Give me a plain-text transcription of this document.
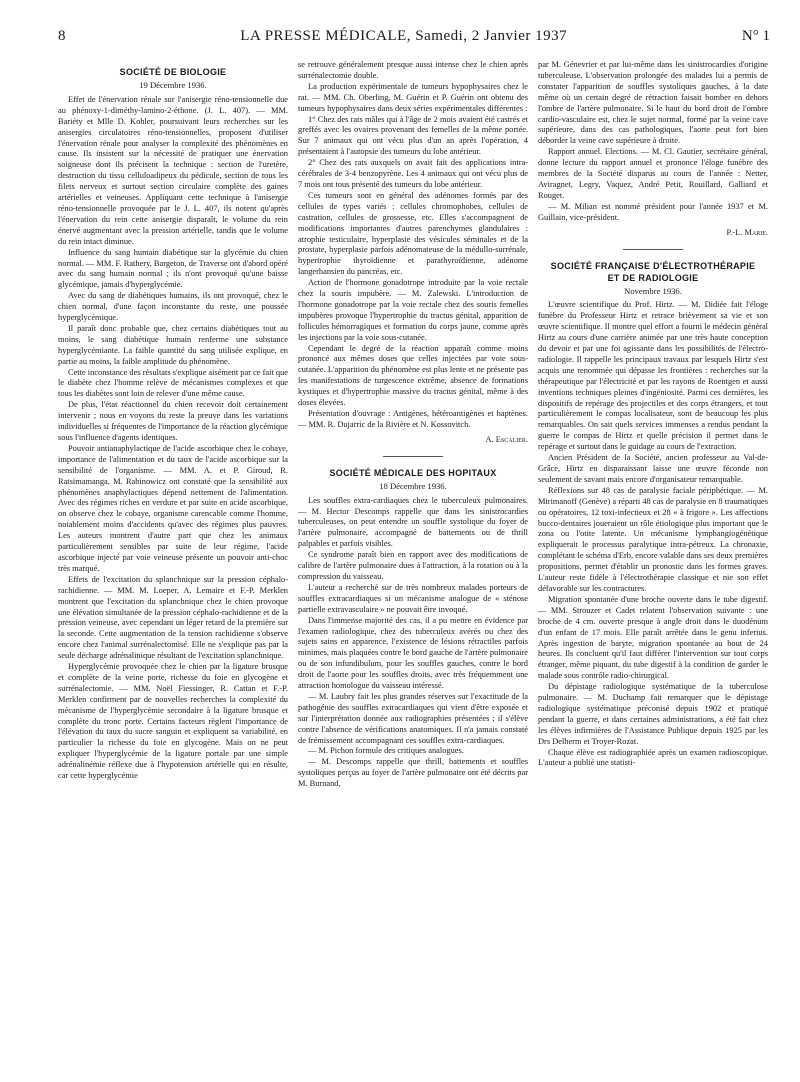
8	LA PRESSE MÉDICALE, Samedi, 2 Janvier 1937	N° 1
SOCIÉTÉ DE BIOLOGIE
19 Décembre 1936.

Effet de l'énervation rénale sur l'anisergie réno-tensionnelle due au phénoxy-1-diméthy-lamino-2-éthone. (J. L. 407). — MM. Bariéty et Mlle D. Kohler, poursuivant leurs recherches sur les anisergies circulatoires réno-tensionnelles, proposent d'utiliser l'énervation rénale pour analyser la complexité des phénomènes en cause. Ils insistent sur la nécessité de pratiquer une énervation soigneuse dont ils précisent la technique : section de l'uretère, destruction du tissu celluloadipeux du pédicule, section de tous les filets nerveux et surtout section circulaire complète des gaines artérielles et veineuses. Appliquant cette technique à l'anisergie réno-tensionnelle provoquée par le J. L. 407, ils notent qu'après l'énervation du rein cette anisergie disparaît, le volume du rein énervé augmentant avec la pression artérielle, tandis que le volume du rein intact diminue.

Influence du sang humain diabétique sur la glycémie du chien normal. — MM. F. Rathery, Bargeton, de Traverse ont d'abord opéré avec du sang humain normal ; ils n'ont provoqué qu'une baisse glycémique, jamais d'hyperglycémie.

Avec du sang de diabétiques humains, ils ont provoqué, chez le chien normal, d'une façon inconstante du reste, une poussée hyperglycémique.

Il paraît donc probable que, chez certains diabétiques tout au moins, le sang diabétique humain renferme une substance hyperglycémiante. La faible quantité du sang utilisée explique, en partie au moins, la faible amplitude du phénomène.

Cette inconstance des résultats s'explique aisément par ce fait que le diabète chez l'homme relève de mécanismes complexes et que tous les diabètes sont loin de relever d'une même cause.

De plus, l'état réactionnel du chien recevoir doit certainement intervenir ; nous en voyons du reste la preuve dans les variations individuelles si fréquentes de l'importance de la réaction glycémique sous l'influence d'agents identiques.

Pouvoir antianaphylactique de l'acide ascorbique chez le cobaye, importance de l'alimentation et du taux de l'acide ascorbique sur la sensibilité de l'organisme. — MM. A. et P. Giroud, R. Ratsimamanga, M. Rabinowicz ont constaté que la sensibilité aux phénomènes anaphylactiques dépend nettement de l'alimentation. Avec des régimes riches en verdure et par suite en acide ascorbique, on observe chez le cobaye, organisme carencable comme l'homme, notablement moins d'accidents qu'avec des régimes plus pauvres. Les auteurs montrent d'autre part que chez les animaux particulièrement sensibles par suite de leur régime, l'acide ascorbique injecté par voie veineuse présente un pouvoir anti-choc très marqué.

Effets de l'excitation du splanchnique sur la pression céphalo-rachidienne. — MM. M. Loeper, A. Lemaire et F.-P. Merklen montrent que l'excitation du splanchnique chez le chien provoque une élévation simultanée de la pression céphalo-rachidienne et de la pression veineuse, avec cependant un léger retard de la première sur la seconde. Cette augmentation de la tension rachidienne s'observe encore chez l'animal surrénalectomisé. Elle ne s'explique pas par la seule décharge adrénalinique résultant de l'excitation splanchnique.

Hyperglycémie provoquée chez le chien par la ligature brusque et complète de la veine porte, richesse du foie en glycogène et surrénalectomie. — MM. Noël Fiessinger, R. Cattan et F.-P. Merklen confirment par de nouvelles recherches la complexité du mécanisme de l'hyperglycémie secondaire à la ligature brusque et complète du tronc porte. Certains facteurs règlent l'importance de l'élévation du taux du sucre sanguin et expliquent sa variabilité, en particulier la richesse du foie en glycogène. Mais on ne peut expliquer l'hyperglycémie de la ligature portale par une simple adrénalinémie réflexe due à l'hypotension artérielle qui en résulte, car cette hyperglycémie

se retrouve généralement presque aussi intense chez le chien après surrénalectomie double.

La production expérimentale de tumeurs hypophysaires chez le rat. — MM. Ch. Oberling, M. Guérin et P. Guérin ont obtenu des tumeurs hypophysaires dans deux séries expérimentales différentes :

1° Chez des rats mâles qui à l'âge de 2 mois avaient été castrés et greffés avec les ovaires provenant des femelles de la même portée. Sur 7 animaux qui ont vécu plus d'un an après l'opération, 4 présentaient à l'autopsie des tumeurs du lobe antérieur.

2° Chez des rats auxquels on avait fait des applications intra-cérébrales de 3-4 benzopyrène. Les 4 animaux qui ont vécu plus de 7 mois ont tous présenté des tumeurs du lobe antérieur.

Ces tumeurs sont en général des adénomes formés par des cellules de types variés : cellules chromophobes, cellules de castration, cellules de grossesse, etc. Elles s'accompagnent de modifications importantes d'autres parenchymes glandulaires : atrophie testiculaire, hyperplasie des vésicules séminales et de la prostate, hyperplasie parfois adénomateuse de la médullo-surrénale, hypertrophie thyroïdienne et parathyroïdienne, adénome langerhansien du pancréas, etc.

Action de l'hormone gonadotrope introduite par la voie rectale chez la souris impubère. — M. Zalewski. L'introduction de l'hormone gonadotrope par la voie rectale chez des souris femelles impubères provoque l'hypertrophie du tractus génital, apparition de follicules hémorragiques et formation du corps jaune, comme après les injections par la voie sous-cutanée.

Cependant le degré de la réaction apparaît comme moins prononcé aux mêmes doses que celles injectées par voie sous-cutanée. L'apparition du phénomène est plus lente et ne présente pas les manifestations de turgescence extrême, absence de formations kystiques et d'hypertrophie massive du tractus génital, même à des doses élevées.

Présentation d'ouvrage : Antigènes, hétéroantigènes et haptènes. — MM. R. Dujarric de la Rivière et N. Kossovitch.

A. Escalier.
SOCIÉTÉ MÉDICALE DES HOPITAUX
18 Décembre 1936.

Les souffles extra-cardiaques chez le tuberculeux pulmonaires. — M. Hector Descomps rappelle que dans les sinistrocardies tuberculeuses, on peut entendre un souffle systolique du foyer de l'artère pulmonaire, accompagné de battements ou de thrill palpables et parfois visibles.

Ce syndrome paraît bien en rapport avec des modifications de calibre de l'artère pulmonaire dues à l'attraction, à la rotation ou à la compression du vaisseau.

L'auteur a recherché sur de très nombreux malades porteurs de souffles extracardiaques si un mécanisme analogue de « sténose partielle extravasculaire » ne pouvait être invoqué.

Dans l'immense majorité des cas, il a pu mettre en évidence par l'examen radiologique, chez des tuberculeux avérés ou chez des sujets sains en apparence, l'existence de lésions rétractiles parfois minimes, mais plaquées contre le bord gauche de l'artère pulmonaire ou de son infundibulum, pour les souffles gauches, contre le bord droit de l'aorte pour les souffles droits, avec très fréquemment une attraction homologue du vaisseau intéressé.

— M. Laubry fait les plus grandes réserves sur l'exactitude de la pathogénie des souffles extracardiaques qui vient d'être exposée et sur l'interprétation donnée aux radiographies présentées ; il s'élève contre l'absence de vérifications anatomiques. Il n'a jamais constaté de frémissement accompagnant ces souffles extra-cardiaques.

— M. Pichon formule des critiques analogues.

— M. Descomps rappelle que thrill, battements et souffles systoliques perçus au foyer de l'artère pulmonaire ont été décrits par M. Burnand,

par M. Génevrier et par lui-même dans les sinistrocardies d'origine tuberculeuse. L'observation prolongée des malades lui a permis de constater l'apparition de souffles systoliques gauches, à la date même où un certain degré de rétraction faisait bomber en dehors l'ombre de l'artère pulmonaire. Si le haut du bord droit de l'ombre cardio-vasculaire est, chez le sujet normal, formé par la veine cave supérieure, dans des cas pathologiques, l'aorte peut fort bien déborder la veine cave supérieure à droite.

Rapport annuel. Elections. — M. Cl. Gautier, secrétaire général, donne lecture du rapport annuel et prononce l'éloge funèbre des membres de la Société disparus au cours de l'année : Netter, Aviragnet, Legry, Vaquez, André Petit, Rouillard, Galliard et Rouget.

— M. Milian est nommé président pour l'année 1937 et M. Guillain, vice-président.

P.-L. Marie.
SOCIÉTÉ FRANÇAISE D'ÉLECTROTHÉRAPIE
ET DE RADIOLOGIE
Novembre 1936.

L'œuvre scientifique du Prof. Hirtz. — M. Didiée fait l'éloge funèbre du Professeur Hirtz et retrace brièvement sa vie et son œuvre scientifique. Il montre quel effort a fourni le médecin général Hirtz au cours d'une carrière animée par une très haute conception du devoir et par une foi agissante dans les possibilités de l'électro-radiologie. Il rappelle les principaux travaux par lesquels Hirtz s'est acquis une renommée qui dépasse les frontières : recherches sur la thérapeutique par l'électricité et par les rayons de Roentgen et aussi inventions techniques pleines d'ingéniosité. Parmi ces dernières, les dispositifs de repérage des projectiles et des corps étrangers, et tout particulièrement le compas localisateur, sont de beaucoup les plus remarquables. On sait quels services immenses a rendus pendant la guerre le compas de Hirtz et quelle précision il permet dans le repérage et surtout dans le guidage au cours de l'extraction.

Ancien Président de la Société, ancien professeur au Val-de-Grâce, Hirtz en disparaissant laisse une œuvre féconde non seulement de savant mais encore d'organisateur remarquable.

Réflexions sur 48 cas de paralysie faciale périphérique. — M. Mirimanoff (Genève) a réparti 48 cas de paralysie en 8 traumatiques ou opératoires, 12 toxi-infectieux et 28 « à frigore ». Les affections bucco-dentaires joueraient un rôle étiologique plus important que le zona ou l'otite latente. Un mécanisme lymphangiogénétique expliquerait le processus paralytique intra-pétreux. La chronaxie, complétant le schéma d'Erb, encore valable dans ses deux premières propositions, permet d'établir un pronostic dans les formes graves. L'auteur reste fidèle à l'électrothérapie classique et nie son effet défavorable sur les contractures.

Migration spontanée d'une broche ouverte dans le tube digestif. — MM. Strouzer et Cadet relatent l'observation suivante : une broche de 4 cm. ouverte presque à angle droit dans le duodénum d'un enfant de 17 mois. Elle paraît arrêtée dans le genu inferius. Après ingestion de baryte, migration spontanée au bout de 24 heures. Ils concluent qu'il faut différer l'intervention sur tout corps étranger, même piquant, du tube digestif à la condition de garder le malade sous contrôle radio-chirurgical.

Du dépistage radiologique systématique de la tuberculose pulmonaire. — M. Duchamp fait remarquer que le dépistage radiologique systématique préconisé depuis 1902 et pratiqué pendant la guerre, et dans certaines administrations, a été fait chez les élèves infirmières de l'Assistance Publique depuis 1925 par les Drs Delherm et Troyer-Rozat.

Chaque élève est radiographiée après un examen radioscopique. L'auteur a publié une statisti-
